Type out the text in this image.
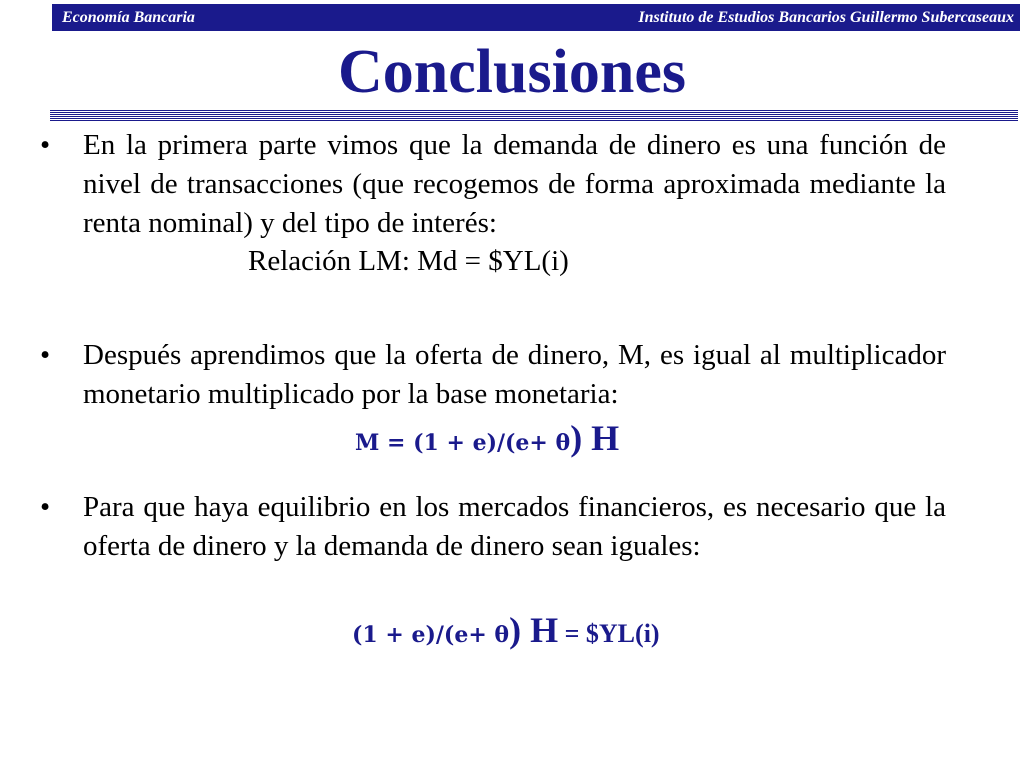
Economía Bancaria	Instituto de Estudios Bancarios Guillermo Subercaseaux
Conclusiones
•	En la primera parte vimos que la demanda de dinero es una función de nivel de transacciones (que recogemos de forma aproximada mediante la renta nominal) y del tipo de interés:
Relación LM: Md = $YL(i)
•	Después aprendimos que la oferta de dinero, M, es igual al multiplicador monetario multiplicado por la base monetaria:
M = (1 + e)/(e+ θ) H
•	Para que haya equilibrio en los mercados financieros, es necesario que la oferta de dinero y la demanda de dinero sean iguales:
(1 + e)/(e+ θ) H = $YL(i)
